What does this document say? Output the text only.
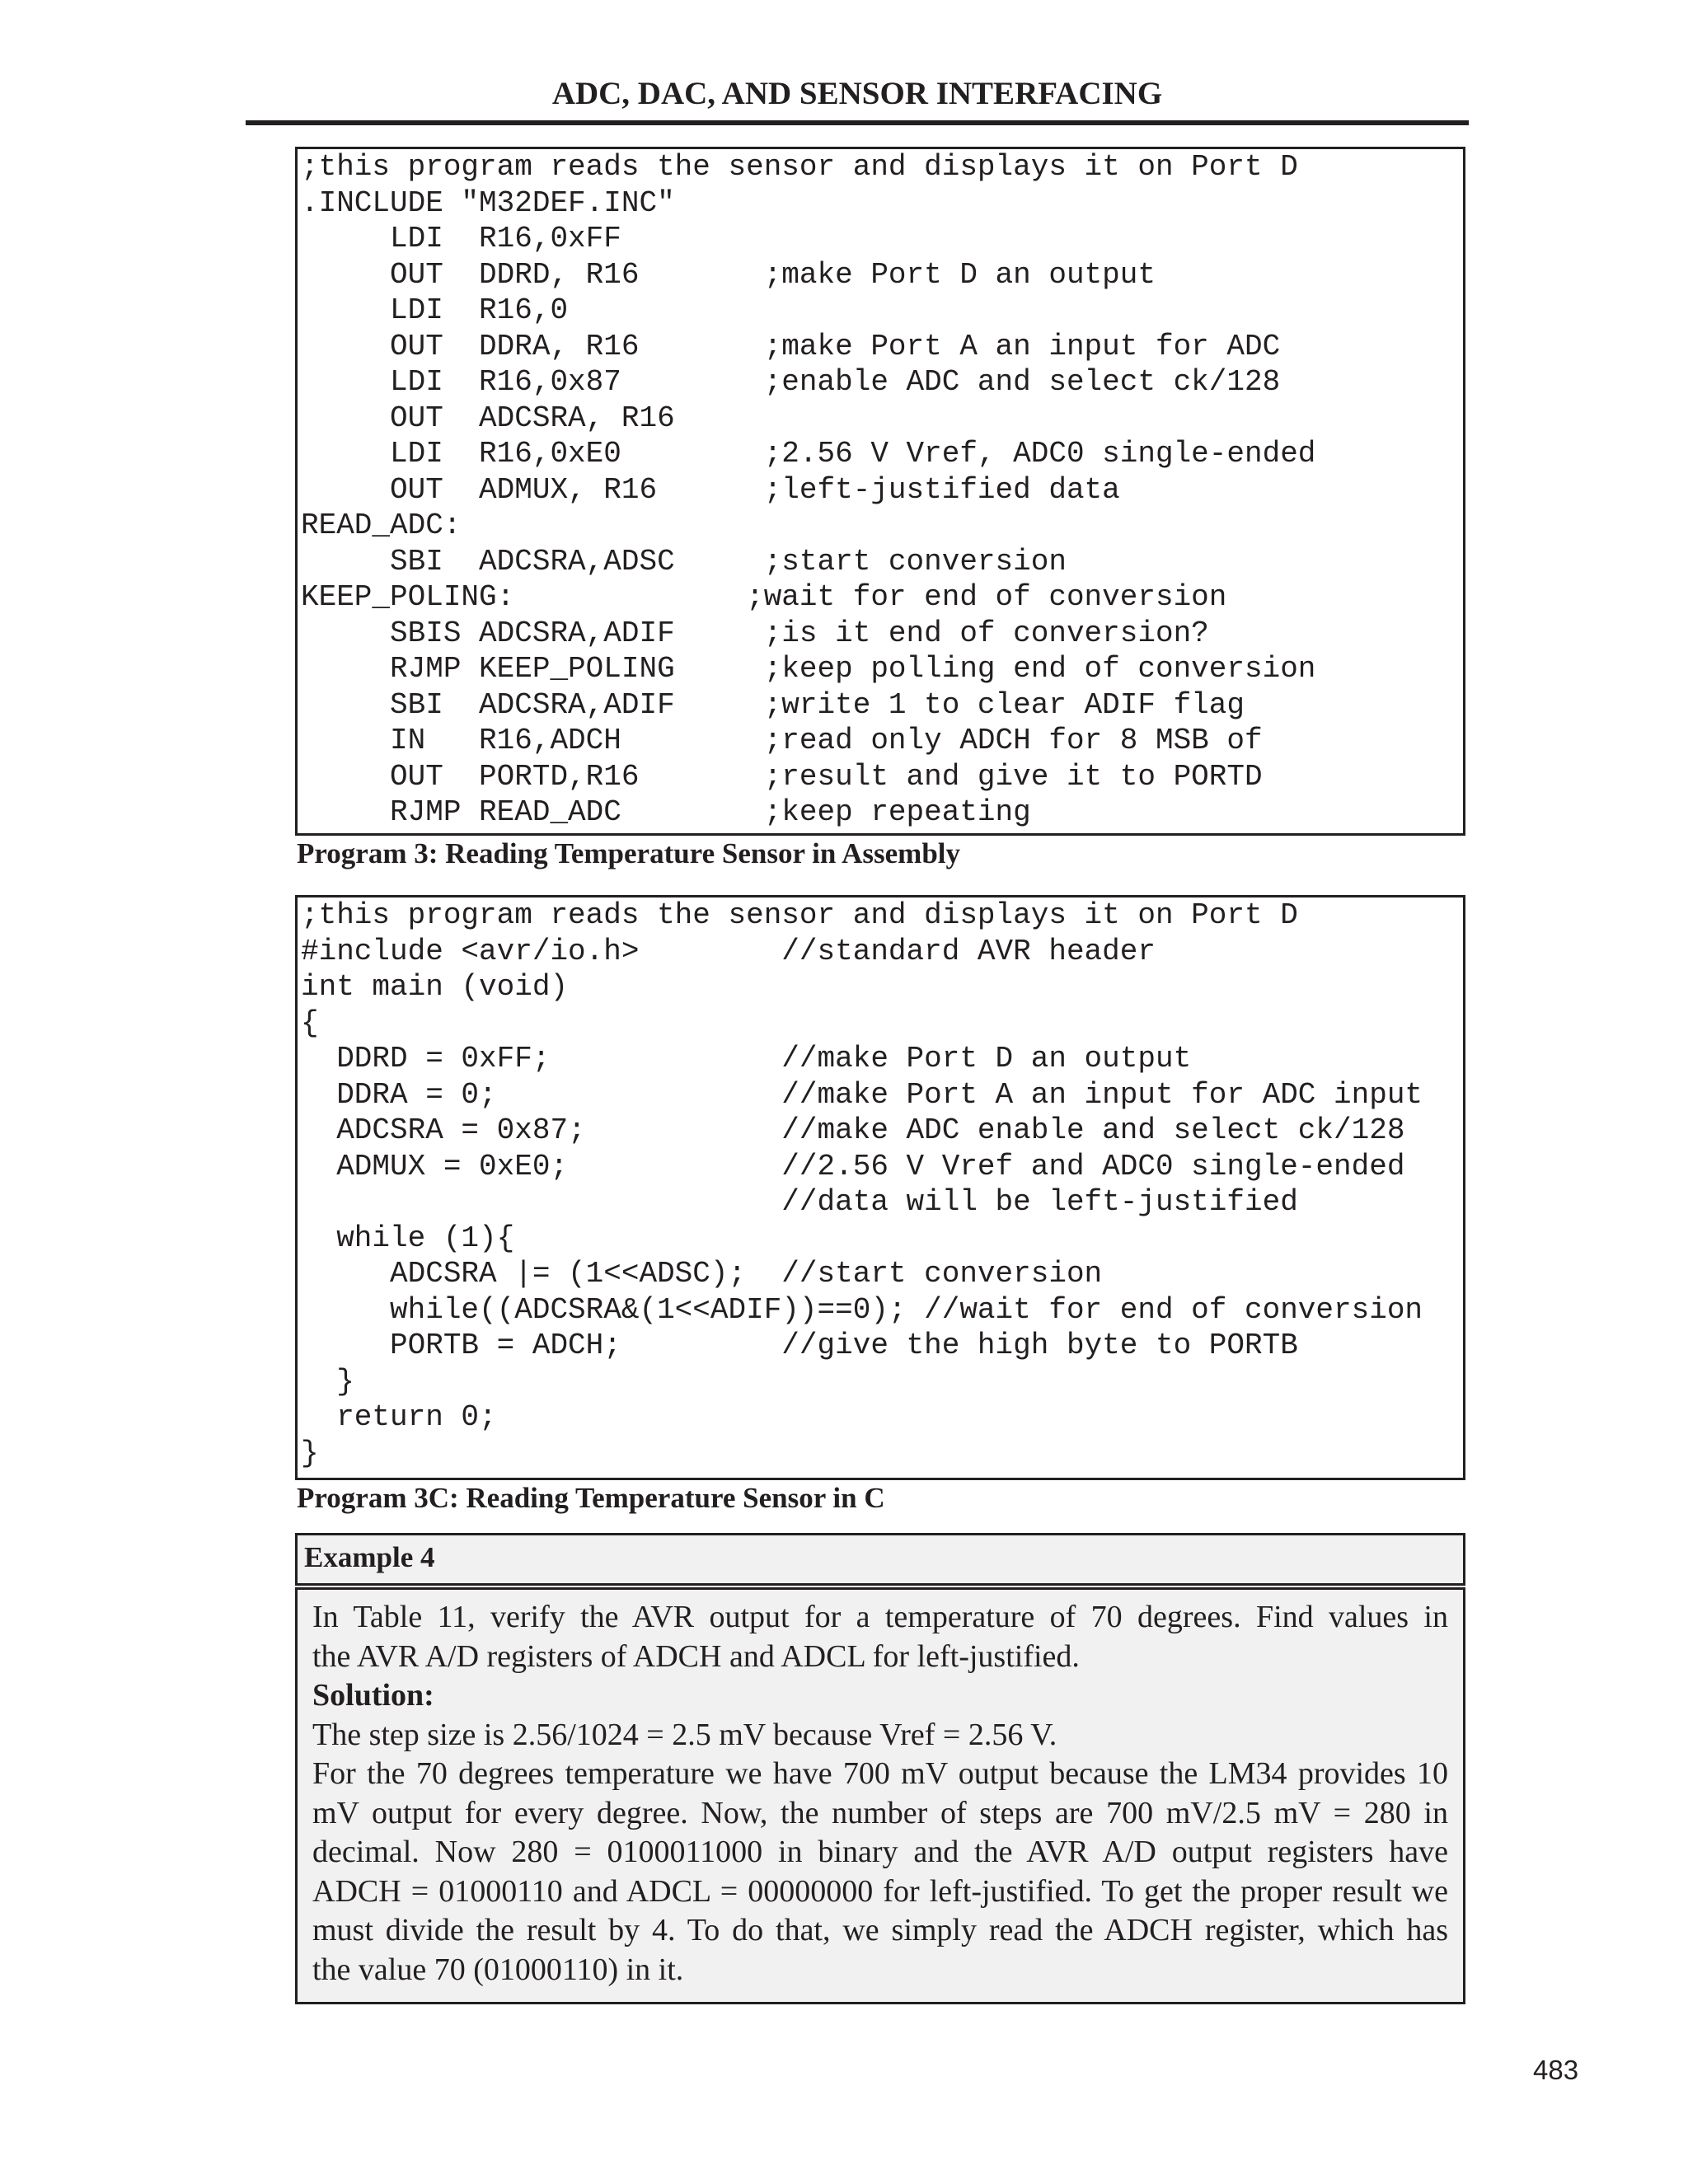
ADC, DAC, AND SENSOR INTERFACING
;this program reads the sensor and displays it on Port D
.INCLUDE "M32DEF.INC"
LDI  R16,0xFF
OUT  DDRD, R16       ;make Port D an output
LDI  R16,0
OUT  DDRA, R16       ;make Port A an input for ADC
LDI  R16,0x87        ;enable ADC and select ck/128
OUT  ADCSRA, R16
LDI  R16,0xE0        ;2.56 V Vref, ADC0 single-ended
OUT  ADMUX, R16      ;left-justified data
READ_ADC:
SBI  ADCSRA,ADSC     ;start conversion
KEEP_POLING:             ;wait for end of conversion
SBIS ADCSRA,ADIF     ;is it end of conversion?
RJMP KEEP_POLING     ;keep polling end of conversion
SBI  ADCSRA,ADIF     ;write 1 to clear ADIF flag
IN   R16,ADCH        ;read only ADCH for 8 MSB of
OUT  PORTD,R16       ;result and give it to PORTD
RJMP READ_ADC        ;keep repeating
Program 3: Reading Temperature Sensor in Assembly
;this program reads the sensor and displays it on Port D
#include <avr/io.h>        //standard AVR header
int main (void)
{
DDRD = 0xFF;             //make Port D an output
DDRA = 0;                //make Port A an input for ADC input
ADCSRA = 0x87;           //make ADC enable and select ck/128
ADMUX = 0xE0;            //2.56 V Vref and ADC0 single-ended
//data will be left-justified
while (1){
ADCSRA |= (1<<ADSC);  //start conversion
while((ADCSRA&(1<<ADIF))==0); //wait for end of conversion
PORTB = ADCH;         //give the high byte to PORTB
}
return 0;
}
Program 3C: Reading Temperature Sensor in C
Example 4
In Table 11, verify the AVR output for a temperature of 70 degrees. Find values in
the AVR A/D registers of ADCH and ADCL for left-justified.
Solution:
The step size is 2.56/1024 = 2.5 mV because Vref = 2.56 V.
For the 70 degrees temperature we have 700 mV output because the LM34 provides 10
mV output for every degree. Now, the number of steps are 700 mV/2.5 mV = 280 in
decimal. Now 280 = 0100011000 in binary and the AVR A/D output registers have
ADCH = 01000110 and ADCL = 00000000 for left-justified. To get the proper result we
must divide the result by 4. To do that, we simply read the ADCH register, which has
the value 70 (01000110) in it.
483
